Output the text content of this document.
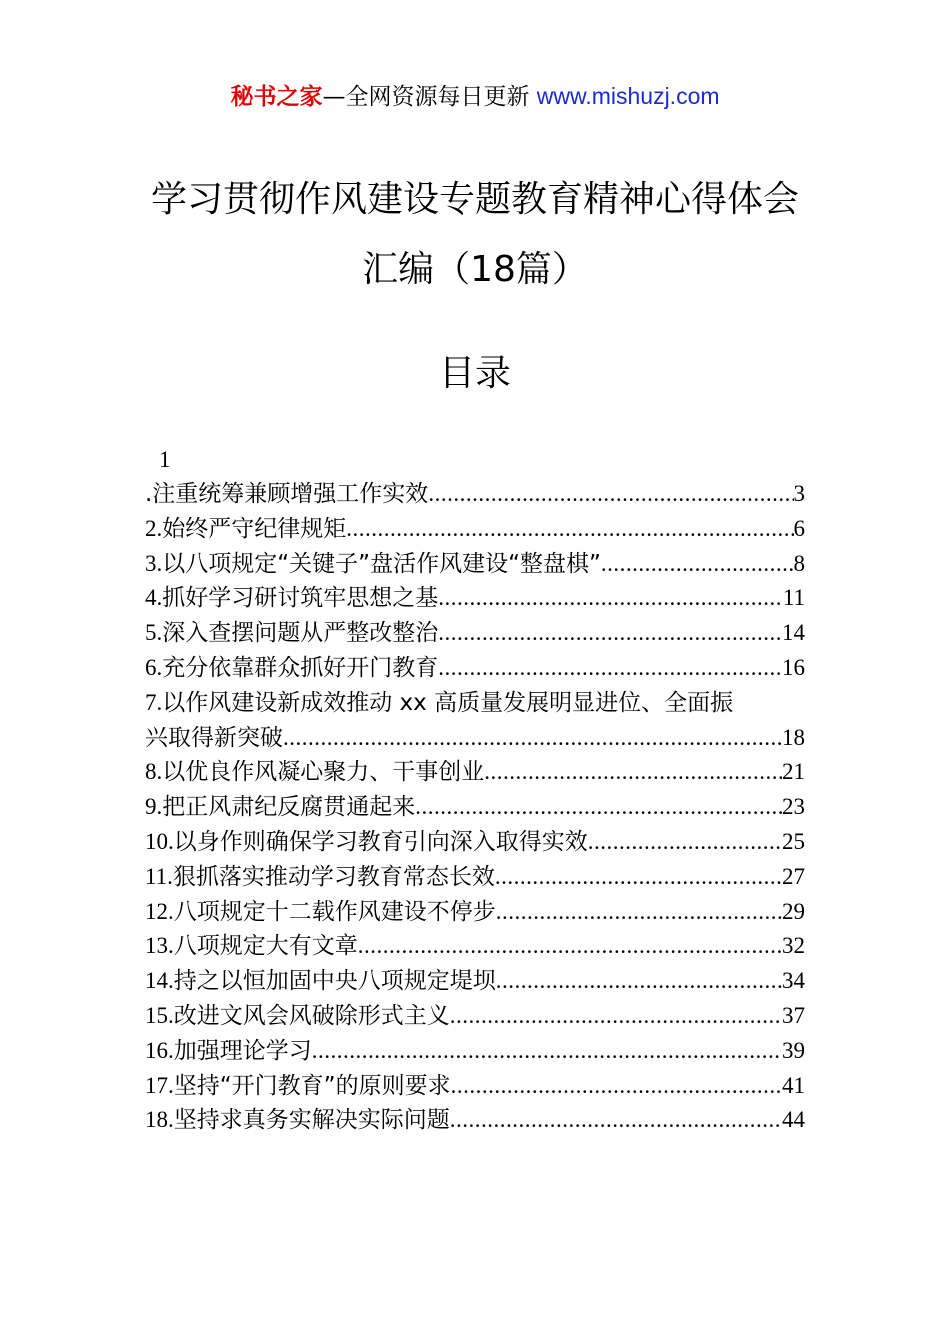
秘书之家—全网资源每日更新 www.mishuzj.com
学习贯彻作风建设专题教育精神心得体会
汇编（18篇）
目录
1
.注重统筹兼顾增强工作实效 .....	3
2.始终严守纪律规矩 .....	6
3.以八项规定“关键子”盘活作风建设“整盘棋” .....	8
4.抓好学习研讨筑牢思想之基 .....	11
5.深入查摆问题从严整改整治 .....	14
6.充分依靠群众抓好开门教育 .....	16
7.以作风建设新成效推动 xx 高质量发展明显进位、全面振
兴取得新突破 .....	18
8.以优良作风凝心聚力、干事创业 .....	21
9.把正风肃纪反腐贯通起来 .....	23
10.以身作则确保学习教育引向深入取得实效 .....	25
11.狠抓落实推动学习教育常态长效 .....	27
12.八项规定十二载作风建设不停步 .....	29
13.八项规定大有文章 .....	32
14.持之以恒加固中央八项规定堤坝 .....	34
15.改进文风会风破除形式主义 .....	37
16.加强理论学习 .....	39
17.坚持“开门教育”的原则要求 .....	41
18.坚持求真务实解决实际问题 .....	44
